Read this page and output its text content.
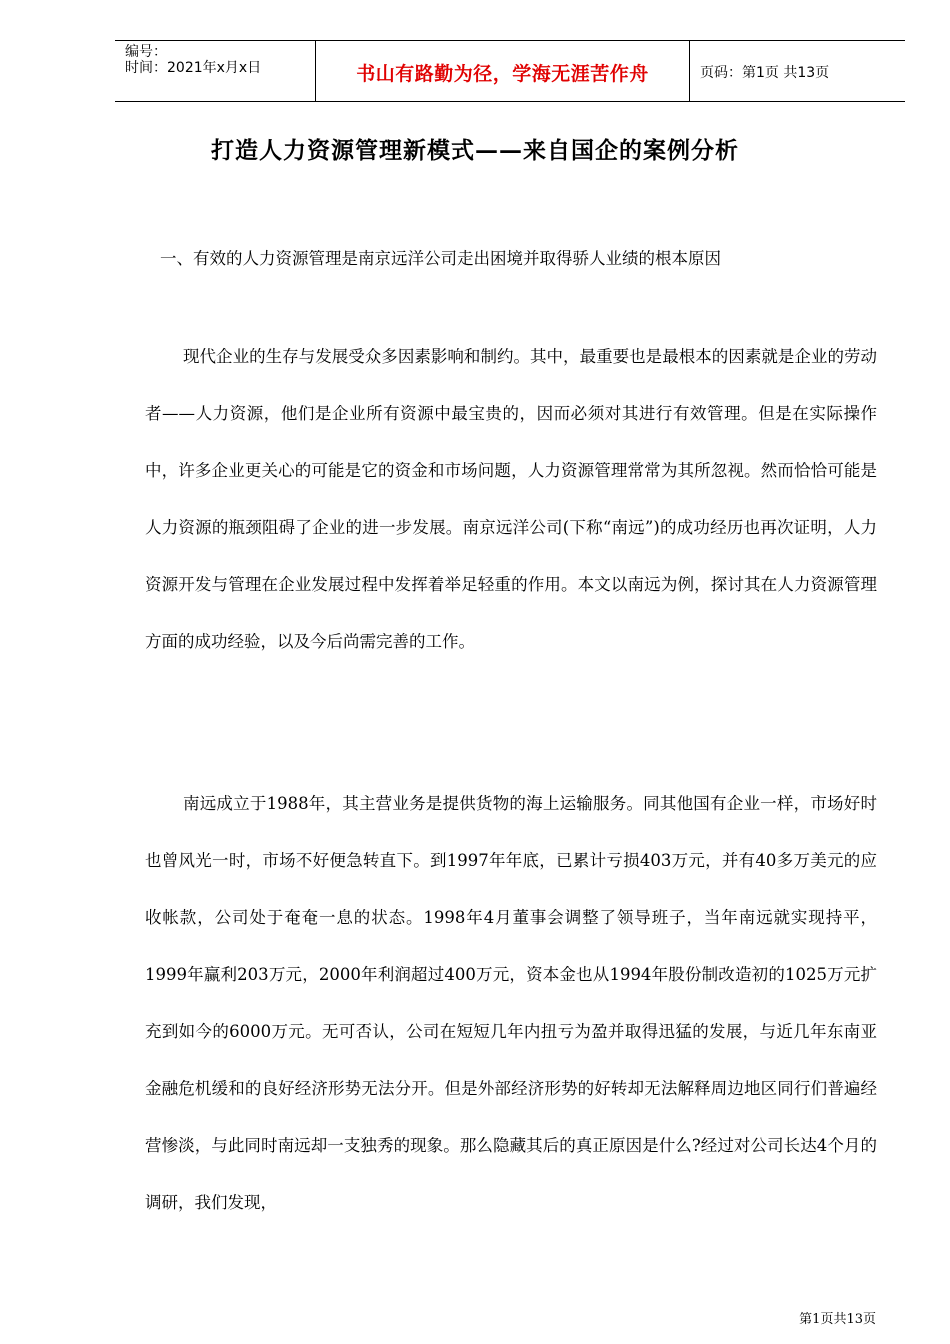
编号：
时间：2021年x月x日	书山有路勤为径，学海无涯苦作舟	页码：第1页 共13页
打造人力资源管理新模式——来自国企的案例分析
一、有效的人力资源管理是南京远洋公司走出困境并取得骄人业绩的根本原因
现代企业的生存与发展受众多因素影响和制约。其中，最重要也是最根本的因素就是企业的劳动者——人力资源，他们是企业所有资源中最宝贵的，因而必须对其进行有效管理。但是在实际操作中，许多企业更关心的可能是它的资金和市场问题，人力资源管理常常为其所忽视。然而恰恰可能是人力资源的瓶颈阻碍了企业的进一步发展。南京远洋公司(下称“南远”)的成功经历也再次证明，人力资源开发与管理在企业发展过程中发挥着举足轻重的作用。本文以南远为例，探讨其在人力资源管理方面的成功经验，以及今后尚需完善的工作。
南远成立于1988年，其主营业务是提供货物的海上运输服务。同其他国有企业一样，市场好时也曾风光一时，市场不好便急转直下。到1997年年底，已累计亏损403万元，并有40多万美元的应收帐款，公司处于奄奄一息的状态。1998年4月董事会调整了领导班子，当年南远就实现持平，1999年赢利203万元，2000年利润超过400万元，资本金也从1994年股份制改造初的1025万元扩充到如今的6000万元。无可否认，公司在短短几年内扭亏为盈并取得迅猛的发展，与近几年东南亚金融危机缓和的良好经济形势无法分开。但是外部经济形势的好转却无法解释周边地区同行们普遍经营惨淡，与此同时南远却一支独秀的现象。那么隐藏其后的真正原因是什么?经过对公司长达4个月的调研，我们发现，
第1页共13页
